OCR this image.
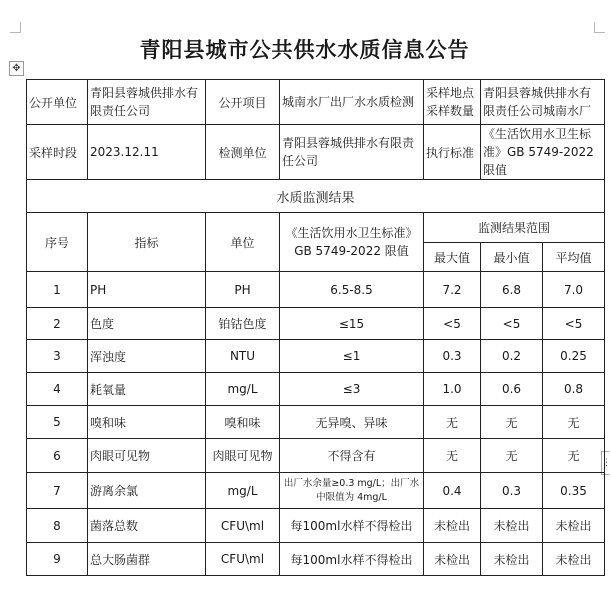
青阳县城市公共供水水质信息公告
✥
⋮
公开单位	青阳县蓉城供排水有限责任公司	公开项目	城南水厂出厂水水质检测	采样地点采样数量	青阳县蓉城供排水有限责任公司城南水厂	
采样时段	2023.12.11	检测单位	青阳县蓉城供排水有限责任公司	执行标准	《生活饮用水卫生标准》GB 5749-2022 限值	
水质监测结果						
序号	指标	单位	《生活饮用水卫生标准》GB 5749-2022 限值	监测结果范围		
				最大值	最小值	平均值
1	PH	PH	6.5-8.5	7.2	6.8	7.0
2	色度	铂钴色度	≤15	<5	<5	<5
3	浑浊度	NTU	≤1	0.3	0.2	0.25
4	耗氧量	mg/L	≤3	1.0	0.6	0.8
5	嗅和味	嗅和味	无异嗅、异味	无	无	无
6	肉眼可见物	肉眼可见物	不得含有	无	无	无
7	游离余氯	mg/L	出厂水余量≥0.3 mg/L；出厂水中限值为 4mg/L	0.4	0.3	0.35
8	菌落总数	CFU\ml	每100ml水样不得检出	未检出	未检出	未检出
9	总大肠菌群	CFU\ml	每100ml水样不得检出	未检出	未检出	未检出
